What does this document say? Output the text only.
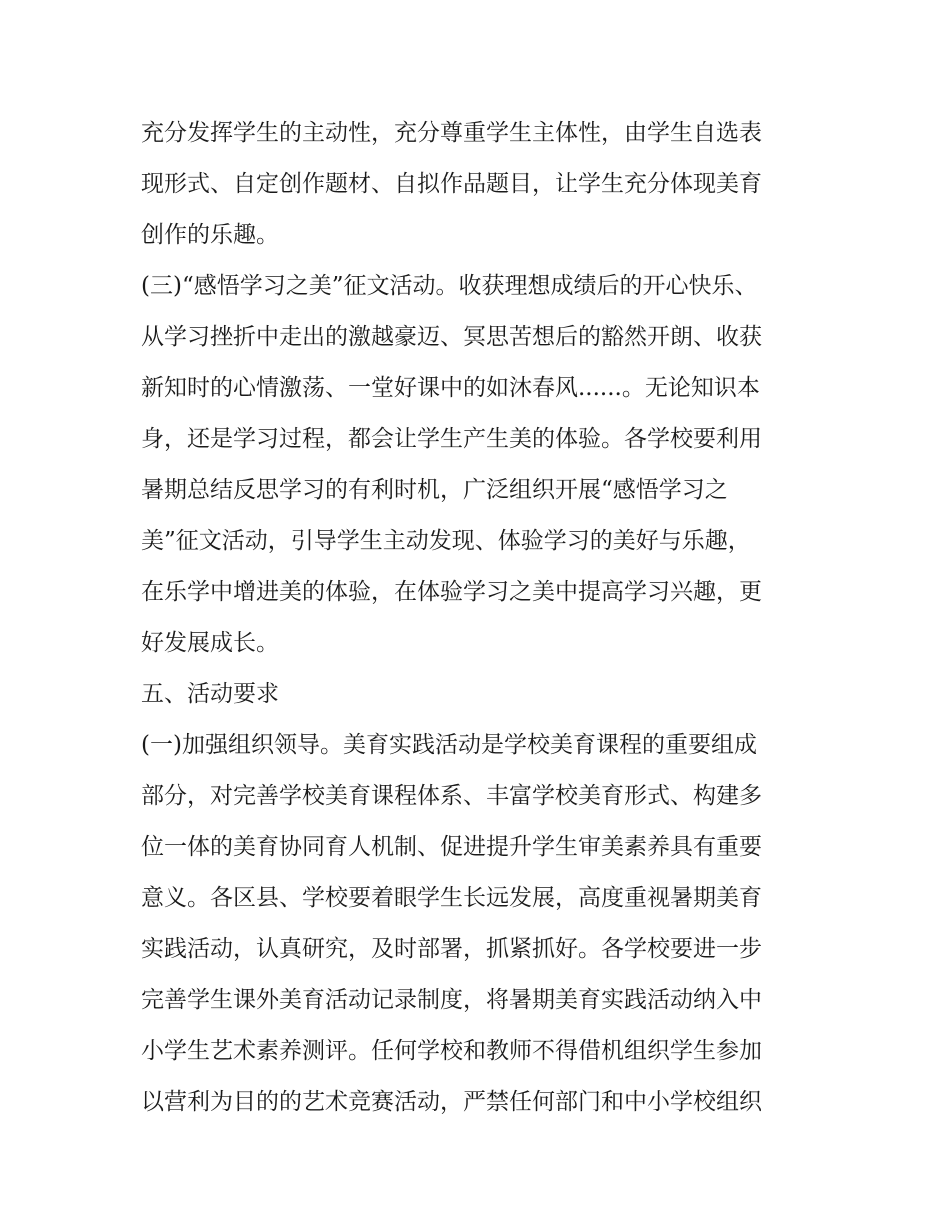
充分发挥学生的主动性，充分尊重学生主体性，由学生自选表
现形式、自定创作题材、自拟作品题目，让学生充分体现美育
创作的乐趣。
(三)“感悟学习之美”征文活动。收获理想成绩后的开心快乐、
从学习挫折中走出的激越豪迈、冥思苦想后的豁然开朗、收获
新知时的心情激荡、一堂好课中的如沐春风......。无论知识本
身，还是学习过程，都会让学生产生美的体验。各学校要利用
暑期总结反思学习的有利时机，广泛组织开展“感悟学习之
美”征文活动，引导学生主动发现、体验学习的美好与乐趣，
在乐学中增进美的体验，在体验学习之美中提高学习兴趣，更
好发展成长。
五、活动要求
(一)加强组织领导。美育实践活动是学校美育课程的重要组成
部分，对完善学校美育课程体系、丰富学校美育形式、构建多
位一体的美育协同育人机制、促进提升学生审美素养具有重要
意义。各区县、学校要着眼学生长远发展，高度重视暑期美育
实践活动，认真研究，及时部署，抓紧抓好。各学校要进一步
完善学生课外美育活动记录制度，将暑期美育实践活动纳入中
小学生艺术素养测评。任何学校和教师不得借机组织学生参加
以营利为目的的艺术竞赛活动，严禁任何部门和中小学校组织
